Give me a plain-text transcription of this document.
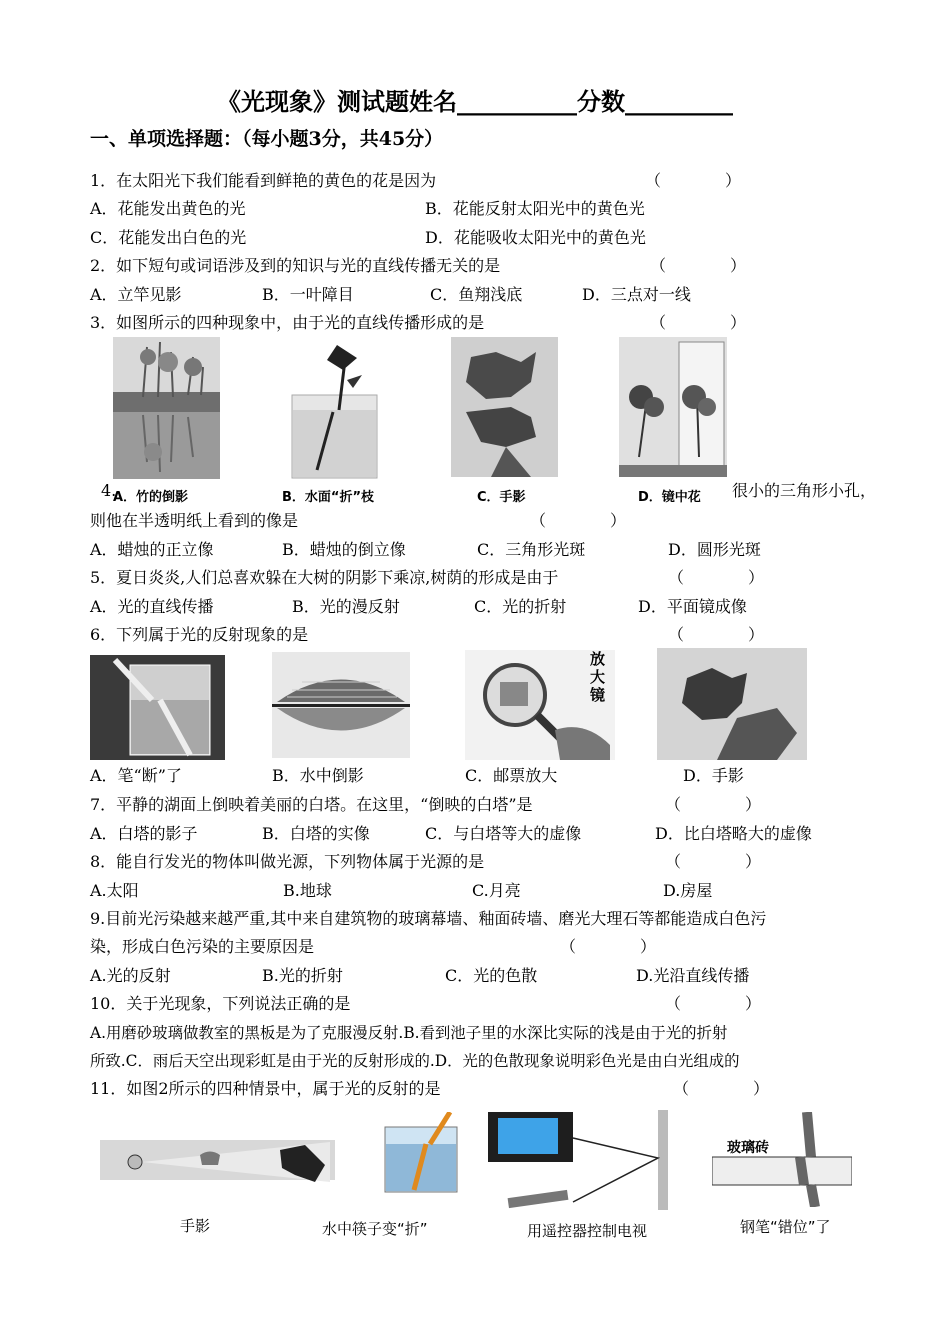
《光现象》测试题姓名__________分数_________
一、单项选择题：（每小题3分，共45分）
1．在太阳光下我们能看到鲜艳的黄色的花是因为	（　　　　）
A．花能发出黄色的光	B．花能反射太阳光中的黄色光
C．花能发出白色的光	D．花能吸收太阳光中的黄色光
2．如下短句或词语涉及到的知识与光的直线传播无关的是	（　　　　）
A．立竿见影	B．一叶障目	C．鱼翔浅底	D．三点对一线
3．如图所示的四种现象中，由于光的直线传播形成的是	（　　　　）
A．竹的倒影	B．水面“折”枝	C．手影	D．镜中花
4.	很小的三角形小孔，
则他在半透明纸上看到的像是	（　　　　）
A．蜡烛的正立像	B．蜡烛的倒立像	C．三角形光斑	D．圆形光斑
5．夏日炎炎,人们总喜欢躲在大树的阴影下乘凉,树荫的形成是由于	（　　　　）
A．光的直线传播	B．光的漫反射	C．光的折射	D．平面镜成像
6．下列属于光的反射现象的是	（　　　　）
放大镜
A．笔“断”了	B．水中倒影	C．邮票放大	D．手影
7．平静的湖面上倒映着美丽的白塔。在这里，“倒映的白塔”是	（　　　　）
A．白塔的影子	B．白塔的实像	C．与白塔等大的虚像	D．比白塔略大的虚像
8．能自行发光的物体叫做光源，下列物体属于光源的是	（　　　　）
A.太阳	B.地球	C.月亮	D.房屋
9.目前光污染越来越严重,其中来自建筑物的玻璃幕墙、釉面砖墙、磨光大理石等都能造成白色污
染，形成白色污染的主要原因是	（　　　　）
A.光的反射	B.光的折射	C．光的色散	D.光沿直线传播
10．关于光现象，下列说法正确的是	（　　　　）
A.用磨砂玻璃做教室的黑板是为了克服漫反射.B.看到池子里的水深比实际的浅是由于光的折射
所致.C．雨后天空出现彩虹是由于光的反射形成的.D．光的色散现象说明彩色光是由白光组成的
11．如图2所示的四种情景中，属于光的反射的是	（　　　　）
玻璃砖
手影	水中筷子变“折”	用遥控器控制电视	钢笔“错位”了
